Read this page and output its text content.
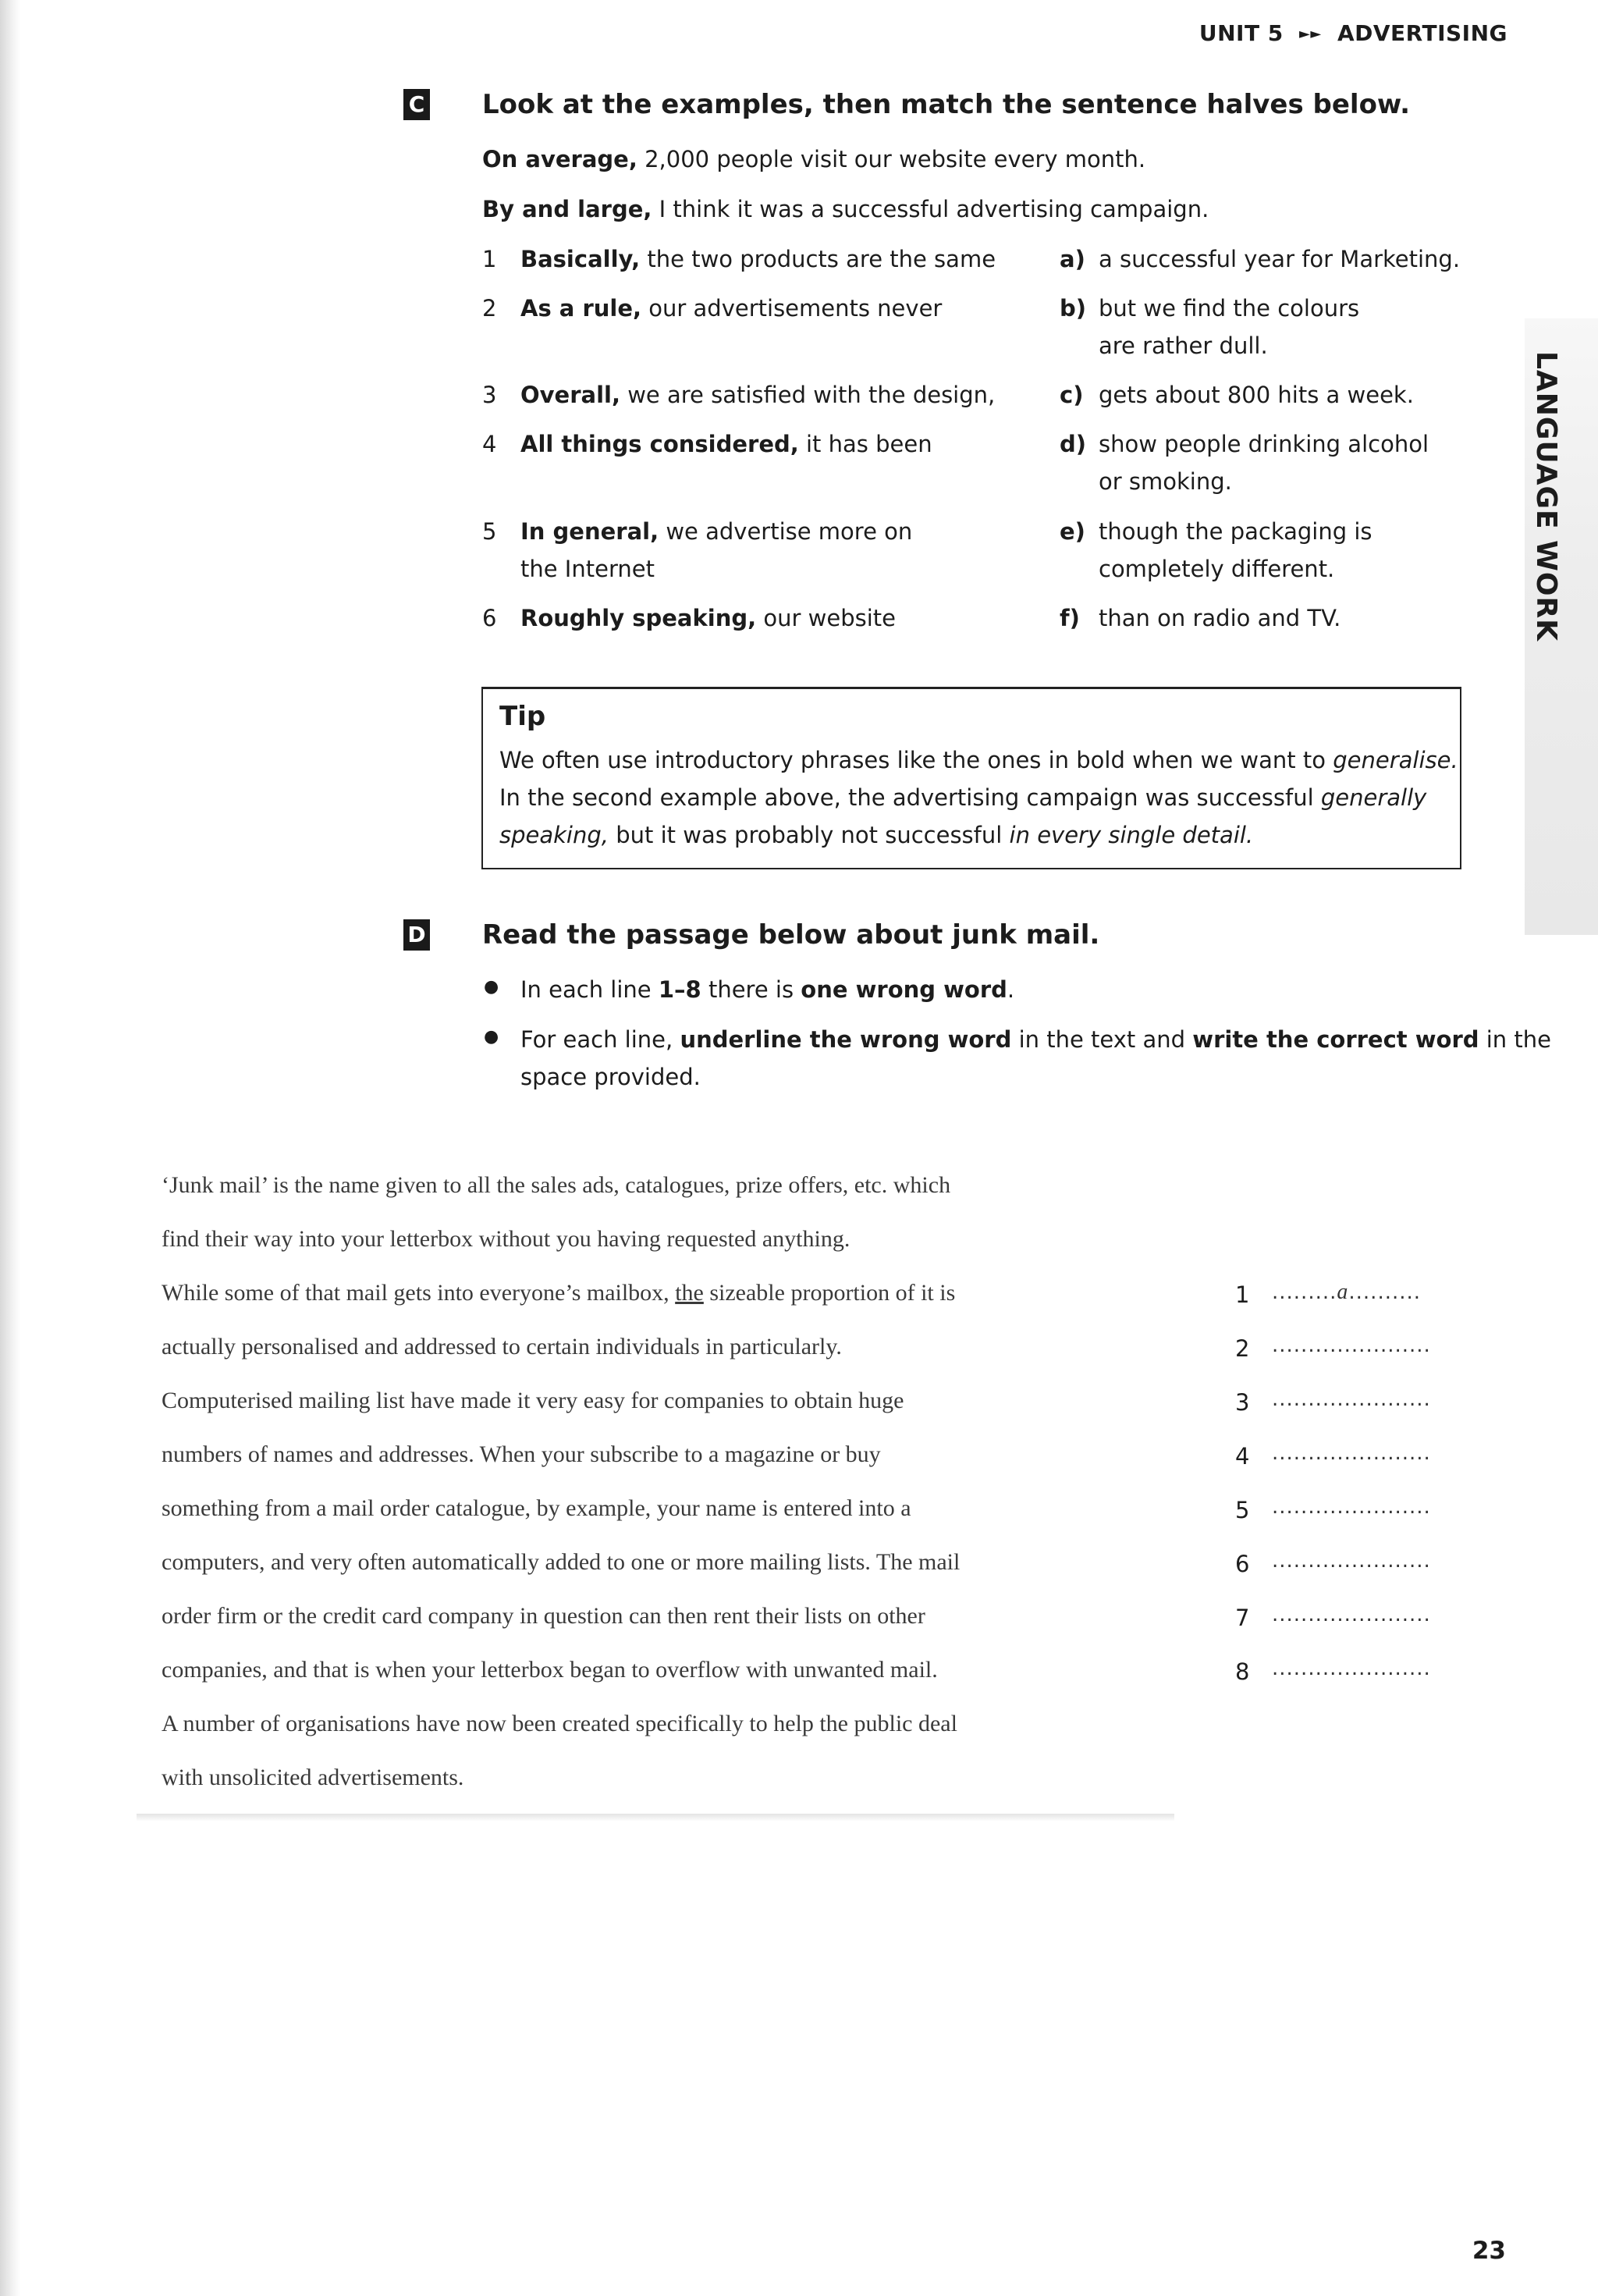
UNIT 5 ►► ADVERTISING
LANGUAGE WORK
C Look at the examples, then match the sentence halves below.
On average, 2,000 people visit our website every month.
By and large, I think it was a successful advertising campaign.
1 Basically, the two products are the same
2 As a rule, our advertisements never
3 Overall, we are satisfied with the design,
4 All things considered, it has been
5 In general, we advertise more on
the Internet
6 Roughly speaking, our website
a) a successful year for Marketing.
b) but we find the colours
are rather dull.
c) gets about 800 hits a week.
d) show people drinking alcohol
or smoking.
e) though the packaging is
completely different.
f) than on radio and TV.
Tip
We often use introductory phrases like the ones in bold when we want to generalise.
In the second example above, the advertising campaign was successful generally
speaking, but it was probably not successful in every single detail.
D Read the passage below about junk mail.
● In each line 1–8 there is one wrong word.
● For each line, underline the wrong word in the text and write the correct word in the
space provided.
‘Junk mail’ is the name given to all the sales ads, catalogues, prize offers, etc. which
find their way into your letterbox without you having requested anything.
While some of that mail gets into everyone’s mailbox, the sizeable proportion of it is
actually personalised and addressed to certain individuals in particularly.
Computerised mailing list have made it very easy for companies to obtain huge
numbers of names and addresses. When your subscribe to a magazine or buy
something from a mail order catalogue, by example, your name is entered into a
computers, and very often automatically added to one or more mailing lists. The mail
order firm or the credit card company in question can then rent their lists on other
companies, and that is when your letterbox began to overflow with unwanted mail.
A number of organisations have now been created specifically to help the public deal
with unsolicited advertisements.
1 .........a..........
2 ......................
3 ......................
4 ......................
5 ......................
6 ......................
7 ......................
8 ......................
23
